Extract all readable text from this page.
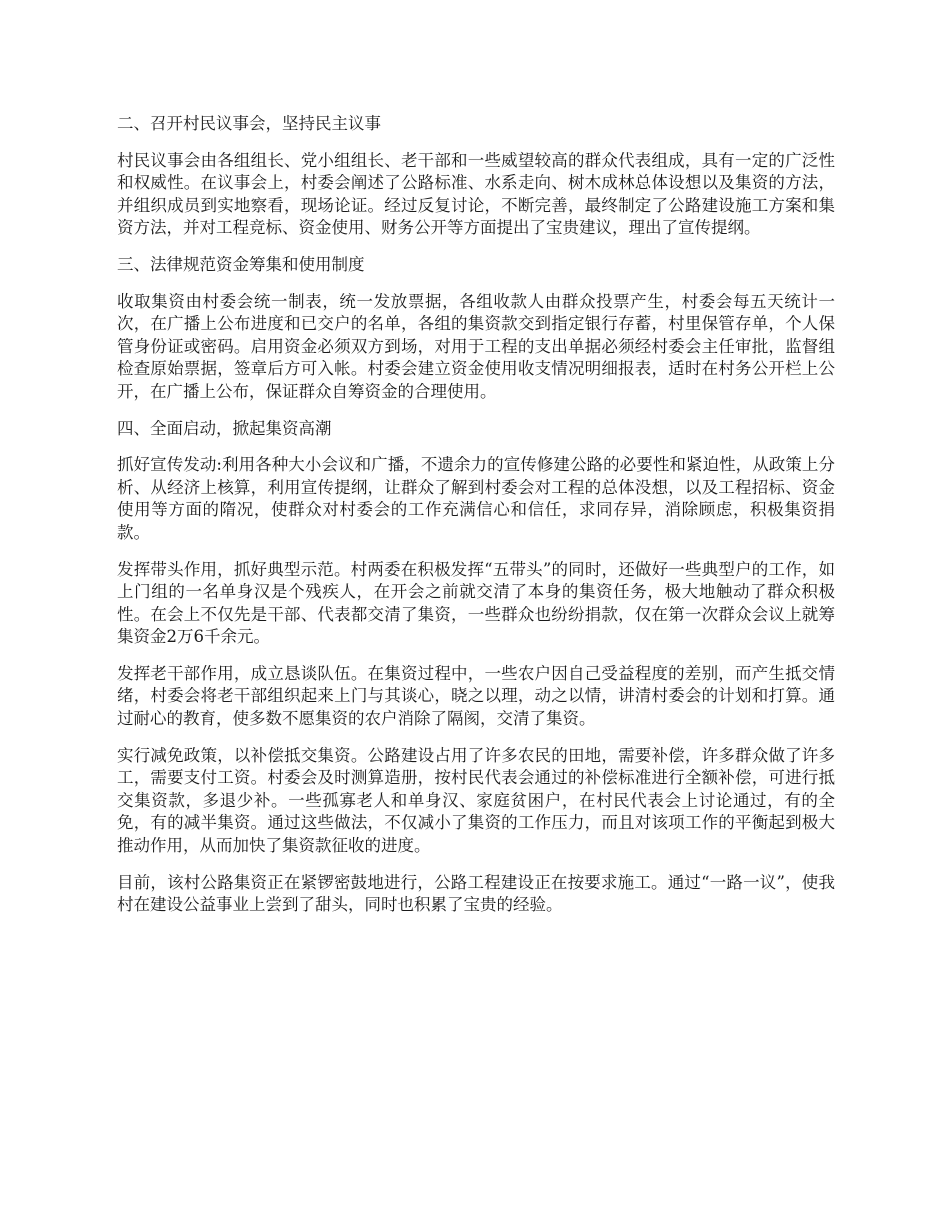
二、召开村民议事会，坚持民主议事

村民议事会由各组组长、党小组组长、老干部和一些威望较高的群众代表组成，具有一定的广泛性和权威性。在议事会上，村委会阐述了公路标准、水系走向、树木成林总体设想以及集资的方法，并组织成员到实地察看，现场论证。经过反复讨论，不断完善，最终制定了公路建设施工方案和集资方法，并对工程竞标、资金使用、财务公开等方面提出了宝贵建议，理出了宣传提纲。

三、法律规范资金筹集和使用制度

收取集资由村委会统一制表，统一发放票据，各组收款人由群众投票产生，村委会每五天统计一次，在广播上公布进度和已交户的名单，各组的集资款交到指定银行存蓄，村里保管存单，个人保管身份证或密码。启用资金必须双方到场，对用于工程的支出单据必须经村委会主任审批，监督组检查原始票据，签章后方可入帐。村委会建立资金使用收支情况明细报表，适时在村务公开栏上公开，在广播上公布，保证群众自筹资金的合理使用。

四、全面启动，掀起集资高潮

抓好宣传发动:利用各种大小会议和广播，不遗余力的宣传修建公路的必要性和紧迫性，从政策上分析、从经济上核算，利用宣传提纲，让群众了解到村委会对工程的总体没想，以及工程招标、资金使用等方面的隋况，使群众对村委会的工作充满信心和信任，求同存异，消除顾虑，积极集资捐款。

发挥带头作用，抓好典型示范。村两委在积极发挥“五带头”的同时，还做好一些典型户的工作，如上门组的一名单身汉是个残疾人，在开会之前就交清了本身的集资任务，极大地触动了群众积极性。在会上不仅先是干部、代表都交清了集资，一些群众也纷纷捐款，仅在第一次群众会议上就筹集资金2万6千余元。

发挥老干部作用，成立恳谈队伍。在集资过程中，一些农户因自己受益程度的差别，而产生抵交情绪，村委会将老干部组织起来上门与其谈心，晓之以理，动之以情，讲清村委会的计划和打算。通过耐心的教育，使多数不愿集资的农户消除了隔阂，交清了集资。

实行减免政策，以补偿抵交集资。公路建设占用了许多农民的田地，需要补偿，许多群众做了许多工，需要支付工资。村委会及时测算造册，按村民代表会通过的补偿标准进行全额补偿，可进行抵交集资款，多退少补。一些孤寡老人和单身汉、家庭贫困户，在村民代表会上讨论通过，有的全免，有的减半集资。通过这些做法，不仅减小了集资的工作压力，而且对该项工作的平衡起到极大推动作用，从而加快了集资款征收的进度。

目前，该村公路集资正在紧锣密鼓地进行，公路工程建设正在按要求施工。通过“一路一议”，使我村在建设公益事业上尝到了甜头，同时也积累了宝贵的经验。
